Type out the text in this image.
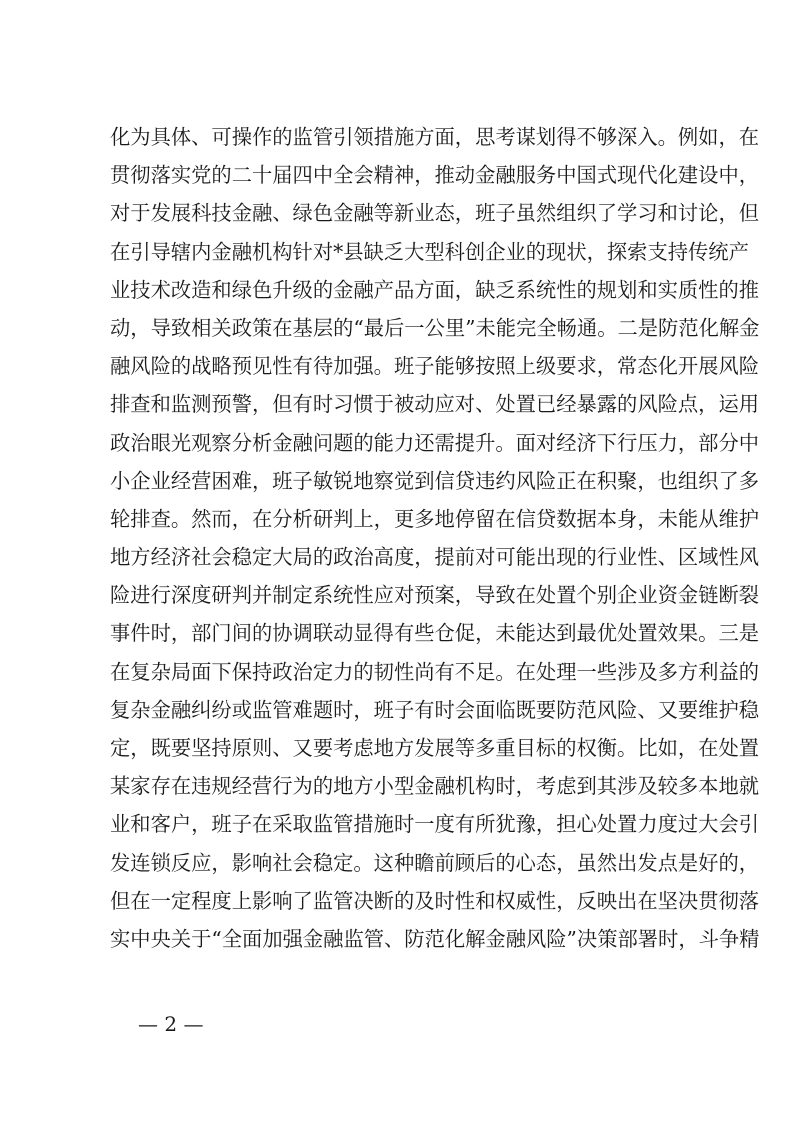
化为具体、可操作的监管引领措施方面，思考谋划得不够深入。例如，在
贯彻落实党的二十届四中全会精神，推动金融服务中国式现代化建设中，
对于发展科技金融、绿色金融等新业态，班子虽然组织了学习和讨论，但
在引导辖内金融机构针对*县缺乏大型科创企业的现状，探索支持传统产
业技术改造和绿色升级的金融产品方面，缺乏系统性的规划和实质性的推
动，导致相关政策在基层的“最后一公里”未能完全畅通。二是防范化解金
融风险的战略预见性有待加强。班子能够按照上级要求，常态化开展风险
排查和监测预警，但有时习惯于被动应对、处置已经暴露的风险点，运用
政治眼光观察分析金融问题的能力还需提升。面对经济下行压力，部分中
小企业经营困难，班子敏锐地察觉到信贷违约风险正在积聚，也组织了多
轮排查。然而，在分析研判上，更多地停留在信贷数据本身，未能从维护
地方经济社会稳定大局的政治高度，提前对可能出现的行业性、区域性风
险进行深度研判并制定系统性应对预案，导致在处置个别企业资金链断裂
事件时，部门间的协调联动显得有些仓促，未能达到最优处置效果。三是
在复杂局面下保持政治定力的韧性尚有不足。在处理一些涉及多方利益的
复杂金融纠纷或监管难题时，班子有时会面临既要防范风险、又要维护稳
定，既要坚持原则、又要考虑地方发展等多重目标的权衡。比如，在处置
某家存在违规经营行为的地方小型金融机构时，考虑到其涉及较多本地就
业和客户，班子在采取监管措施时一度有所犹豫，担心处置力度过大会引
发连锁反应，影响社会稳定。这种瞻前顾后的心态，虽然出发点是好的，
但在一定程度上影响了监管决断的及时性和权威性，反映出在坚决贯彻落
实中央关于“全面加强金融监管、防范化解金融风险”决策部署时，斗争精
— 2 —
